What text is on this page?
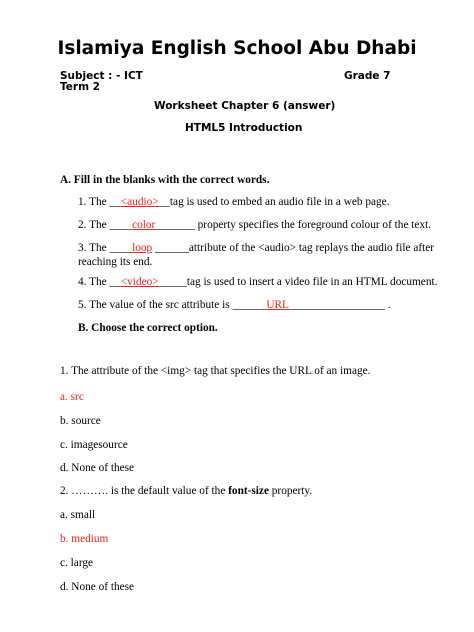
Islamiya English School Abu Dhabi
Subject : - ICT	Grade 7
Term 2
Worksheet Chapter 6 (answer)
HTML5 Introduction
A. Fill in the blanks with the correct words.
1. The __<audio>__tag is used to embed an audio file in a web page.
2. The ____color_______ property specifies the foreground colour of the text.
3. The ____loop ______attribute of the <audio> tag replays the audio file after
reaching its end.
4. The __<video>_____tag is used to insert a video file in an HTML document.
5. The value of the src attribute is ______URL_________________ .
B. Choose the correct option.
1. The attribute of the <img> tag that specifies the URL of an image.
a. src
b. source
c. imagesource
d. None of these
2. ………. is the default value of the font-size property.
a. small
b. medium
c. large
d. None of these
